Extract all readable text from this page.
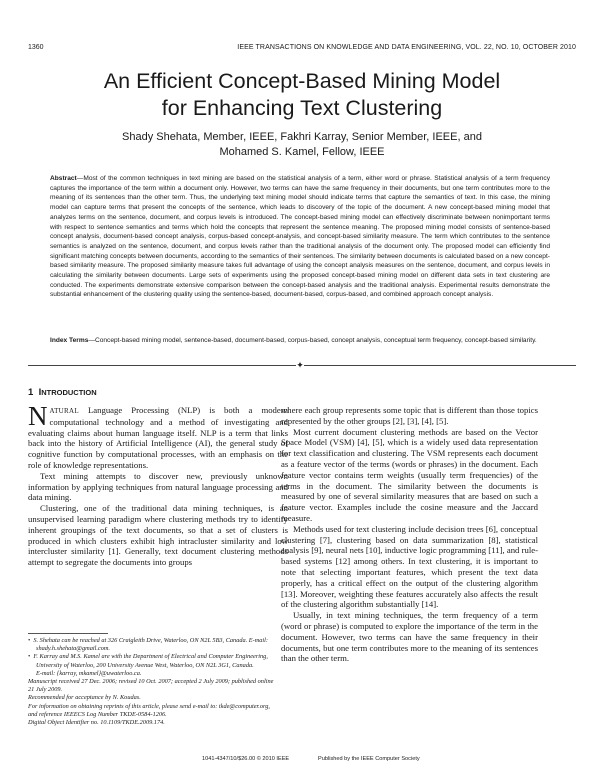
1360	IEEE TRANSACTIONS ON KNOWLEDGE AND DATA ENGINEERING, VOL. 22, NO. 10, OCTOBER 2010
An Efficient Concept-Based Mining Model
for Enhancing Text Clustering
Shady Shehata, Member, IEEE, Fakhri Karray, Senior Member, IEEE, and
Mohamed S. Kamel, Fellow, IEEE
Abstract—Most of the common techniques in text mining are based on the statistical analysis of a term, either word or phrase. Statistical analysis of a term frequency captures the importance of the term within a document only. However, two terms can have the same frequency in their documents, but one term contributes more to the meaning of its sentences than the other term. Thus, the underlying text mining model should indicate terms that capture the semantics of text. In this case, the mining model can capture terms that present the concepts of the sentence, which leads to discovery of the topic of the document. A new concept-based mining model that analyzes terms on the sentence, document, and corpus levels is introduced. The concept-based mining model can effectively discriminate between nonimportant terms with respect to sentence semantics and terms which hold the concepts that represent the sentence meaning. The proposed mining model consists of sentence-based concept analysis, document-based concept analysis, corpus-based concept-analysis, and concept-based similarity measure. The term which contributes to the sentence semantics is analyzed on the sentence, document, and corpus levels rather than the traditional analysis of the document only. The proposed model can efficiently find significant matching concepts between documents, according to the semantics of their sentences. The similarity between documents is calculated based on a new concept-based similarity measure. The proposed similarity measure takes full advantage of using the concept analysis measures on the sentence, document, and corpus levels in calculating the similarity between documents. Large sets of experiments using the proposed concept-based mining model on different data sets in text clustering are conducted. The experiments demonstrate extensive comparison between the concept-based analysis and the traditional analysis. Experimental results demonstrate the substantial enhancement of the clustering quality using the sentence-based, document-based, corpus-based, and combined approach concept analysis.
Index Terms—Concept-based mining model, sentence-based, document-based, corpus-based, concept analysis, conceptual term frequency, concept-based similarity.
✦
1 INTRODUCTION

NATURAL Language Processing (NLP) is both a modern computational technology and a method of investigating and evaluating claims about human language itself. NLP is a term that links back into the history of Artificial Intelligence (AI), the general study of cognitive function by computational processes, with an emphasis on the role of knowledge representations.

Text mining attempts to discover new, previously unknown information by applying techniques from natural language processing and data mining.

Clustering, one of the traditional data mining techniques, is an unsupervised learning paradigm where clustering methods try to identify inherent groupings of the text documents, so that a set of clusters is produced in which clusters exhibit high intracluster similarity and low intercluster similarity [1]. Generally, text document clustering methods attempt to segregate the documents into groups

where each group represents some topic that is different than those topics represented by the other groups [2], [3], [4], [5].

Most current document clustering methods are based on the Vector Space Model (VSM) [4], [5], which is a widely used data representation for text classification and clustering. The VSM represents each document as a feature vector of the terms (words or phrases) in the document. Each feature vector contains term weights (usually term frequencies) of the terms in the document. The similarity between the documents is measured by one of several similarity measures that are based on such a feature vector. Examples include the cosine measure and the Jaccard measure.

Methods used for text clustering include decision trees [6], conceptual clustering [7], clustering based on data summarization [8], statistical analysis [9], neural nets [10], inductive logic programming [11], and rule-based systems [12] among others. In text clustering, it is important to note that selecting important features, which present the text data properly, has a critical effect on the output of the clustering algorithm [13]. Moreover, weighting these features accurately also affects the result of the clustering algorithm substantially [14].

Usually, in text mining techniques, the term frequency of a term (word or phrase) is computed to explore the importance of the term in the document. However, two terms can have the same frequency in their documents, but one term contributes more to the meaning of its sentences than the other term.

• S. Shehata can be reached at 326 Craigleith Drive, Waterloo, ON N2L 5B3, Canada. E-mail: shady.h.shehata@gmail.com.
• F. Karray and M.S. Kamel are with the Department of Electrical and Computer Engineering, University of Waterloo, 200 University Avenue West, Waterloo, ON N2L 3G1, Canada.
E-mail: {karray, mkamel}@uwaterloo.ca.
Manuscript received 27 Dec. 2006; revised 10 Oct. 2007; accepted 2 July 2009; published online 21 July 2009.
Recommended for acceptance by N. Koudas.
For information on obtaining reprints of this article, please send e-mail to: tkde@computer.org, and reference IEEECS Log Number TKDE-0584-1206.
Digital Object Identifier no. 10.1109/TKDE.2009.174.
1041-4347/10/$26.00 © 2010 IEEE	Published by the IEEE Computer Society
